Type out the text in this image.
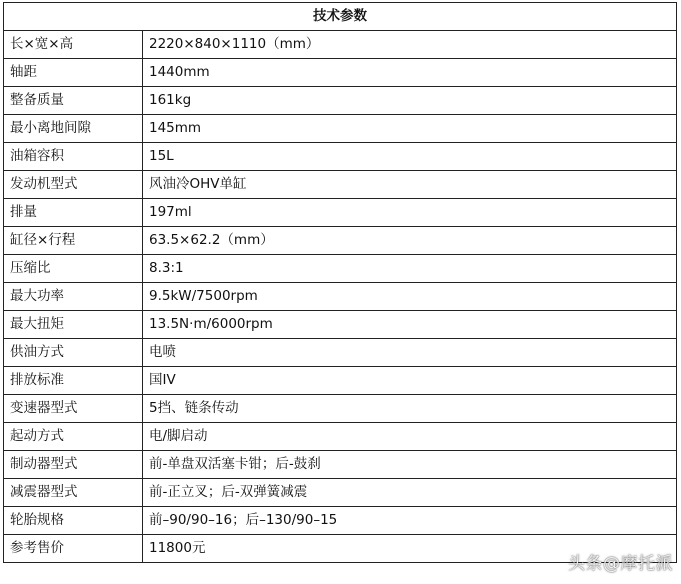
技术参数	
长×宽×高	2220×840×1110（mm）
轴距	1440mm
整备质量	161kg
最小离地间隙	145mm
油箱容积	15L
发动机型式	风油冷OHV单缸
排量	197ml
缸径×行程	63.5×62.2（mm）
压缩比	8.3:1
最大功率	9.5kW/7500rpm
最大扭矩	13.5N·m/6000rpm
供油方式	电喷
排放标准	国IV
变速器型式	5挡、链条传动
起动方式	电/脚启动
制动器型式	前-单盘双活塞卡钳；后-鼓刹
减震器型式	前-正立叉；后-双弹簧减震
轮胎规格	前–90/90–16；后–130/90–15
参考售价	11800元
头条@摩托派
